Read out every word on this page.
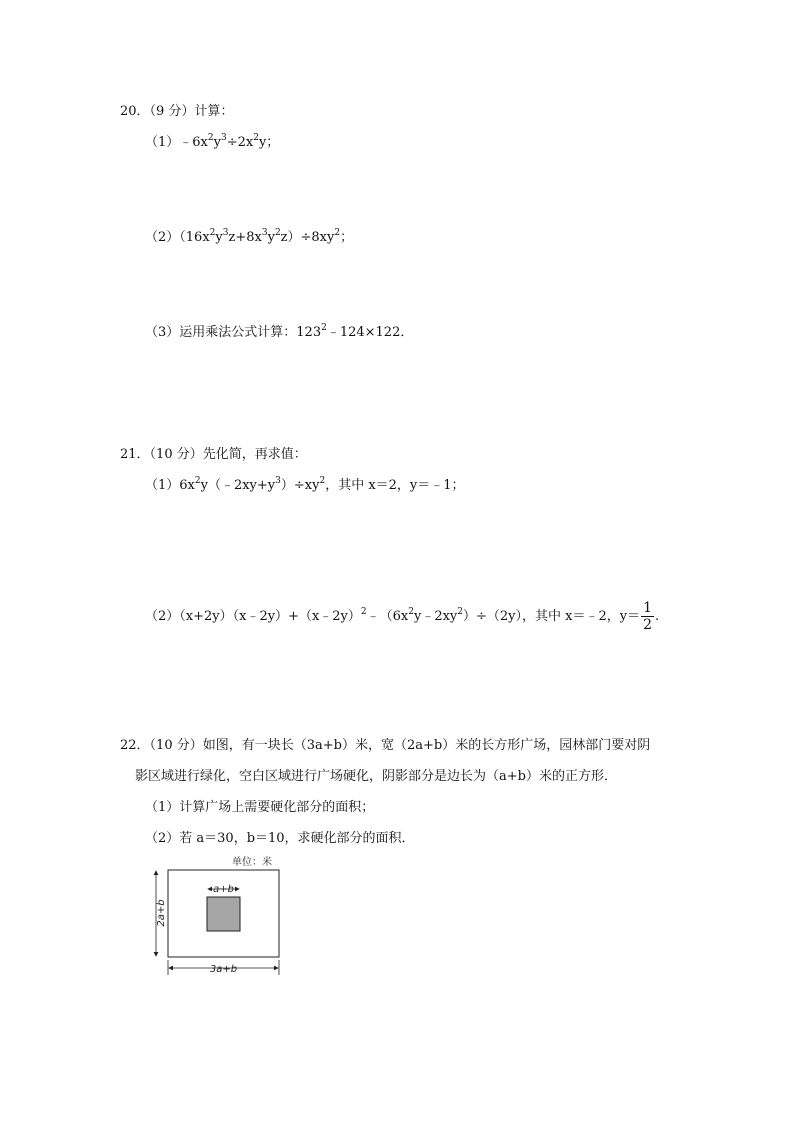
20．（9 分）计算：
$(1)﹣6x^2y^3\div 2x^2y$；
$(2)(16x^2y^3z+8x^3y^2z)\div 8xy^2$；
（3）运用乘法公式计算：$123^2﹣124\times 122$．
21．（10 分）先化简，再求值：
$(1)6x^2y(﹣2xy+y^3)\div xy^2$，其中 x＝2，y＝﹣1；
$(2)(x+2y)(x﹣2y)+(x﹣2y)^2﹣(6x^2y﹣2xy^2)\div(2y)$，其中 x＝﹣2，$y= \frac{1}{2}$ .
22．（10 分）如图，有一块长（3a+b）米，宽（2a+b）米的长方形广场，园林部门要对阴
影区域进行绿化，空白区域进行广场硬化，阴影部分是边长为（a+b）米的正方形．
（1）计算广场上需要硬化部分的面积；
（2）若 a＝30，b＝10，求硬化部分的面积．
单位：米
a+b
2a+b
3a+b
